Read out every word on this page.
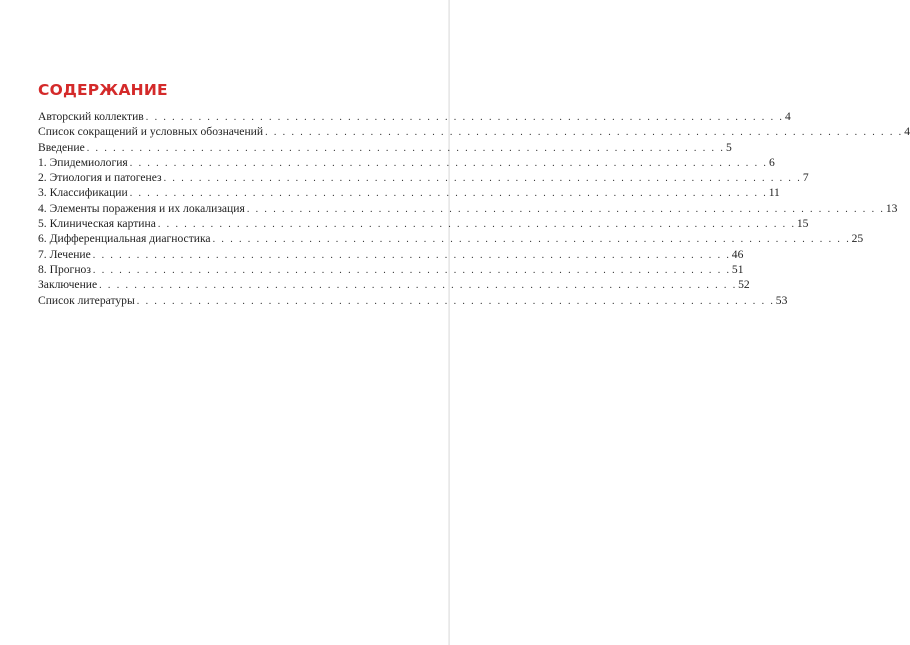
СОДЕРЖАНИЕ
Авторский коллектив . . . . . . . . . . . . . . . . . . . . . . . . . . . . . . . . . . . . . . . . . . . . . . . . . . . . . . . . . . . . . . . . . . . . . . . . . 4
Список сокращений и условных обозначений . . . . . . . . . . . . . . . . . . . . . . . . . . . . . . . . . . . . . . . . . . . . . . . . . . . . . . . . . . . . . . . . . . . . . . . . . 4
Введение . . . . . . . . . . . . . . . . . . . . . . . . . . . . . . . . . . . . . . . . . . . . . . . . . . . . . . . . . . . . . . . . . . . . . . . . . 5
1. Эпидемиология . . . . . . . . . . . . . . . . . . . . . . . . . . . . . . . . . . . . . . . . . . . . . . . . . . . . . . . . . . . . . . . . . . . . . . . . . 6
2. Этиология и патогенез . . . . . . . . . . . . . . . . . . . . . . . . . . . . . . . . . . . . . . . . . . . . . . . . . . . . . . . . . . . . . . . . . . . . . . . . . 7
3. Классификации . . . . . . . . . . . . . . . . . . . . . . . . . . . . . . . . . . . . . . . . . . . . . . . . . . . . . . . . . . . . . . . . . . . . . . . . . 11
4. Элементы поражения и их локализация . . . . . . . . . . . . . . . . . . . . . . . . . . . . . . . . . . . . . . . . . . . . . . . . . . . . . . . . . . . . . . . . . . . . . . . . . 13
5. Клиническая картина . . . . . . . . . . . . . . . . . . . . . . . . . . . . . . . . . . . . . . . . . . . . . . . . . . . . . . . . . . . . . . . . . . . . . . . . . 15
6. Дифференциальная диагностика . . . . . . . . . . . . . . . . . . . . . . . . . . . . . . . . . . . . . . . . . . . . . . . . . . . . . . . . . . . . . . . . . . . . . . . . . 25
7. Лечение . . . . . . . . . . . . . . . . . . . . . . . . . . . . . . . . . . . . . . . . . . . . . . . . . . . . . . . . . . . . . . . . . . . . . . . . . 46
8. Прогноз . . . . . . . . . . . . . . . . . . . . . . . . . . . . . . . . . . . . . . . . . . . . . . . . . . . . . . . . . . . . . . . . . . . . . . . . . 51
Заключение . . . . . . . . . . . . . . . . . . . . . . . . . . . . . . . . . . . . . . . . . . . . . . . . . . . . . . . . . . . . . . . . . . . . . . . . . 52
Список литературы . . . . . . . . . . . . . . . . . . . . . . . . . . . . . . . . . . . . . . . . . . . . . . . . . . . . . . . . . . . . . . . . . . . . . . . . . 53
